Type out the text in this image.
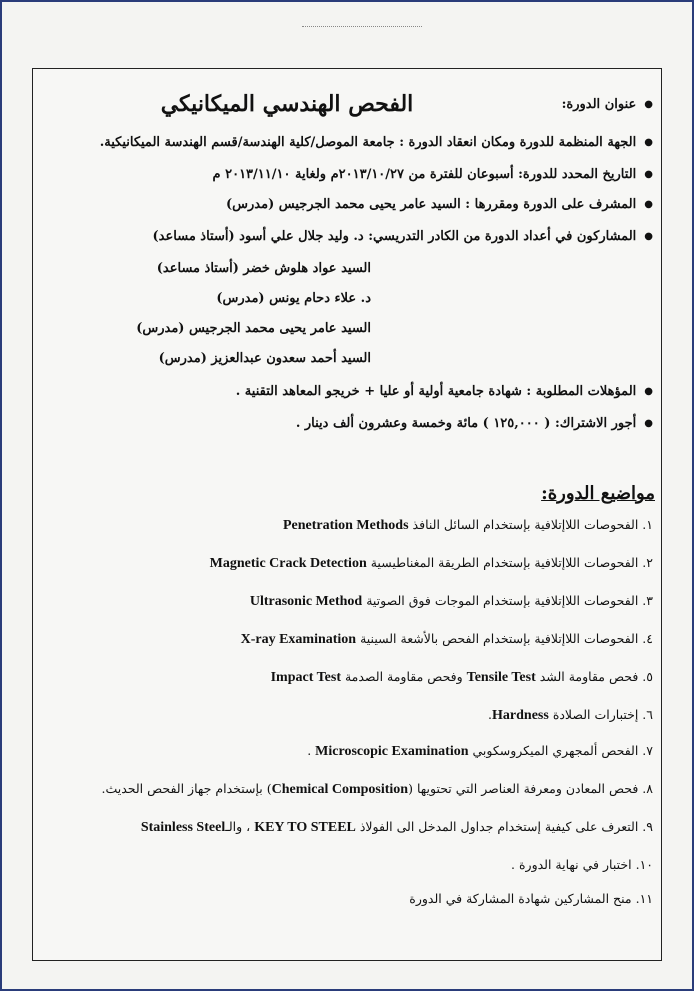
الفحص الهندسي الميكانيكي
●	عنوان الدورة:
● الجهة المنظمة للدورة ومكان انعقاد الدورة : جامعة الموصل/كلية الهندسة/قسم الهندسة الميكانيكية.
● التاريخ المحدد للدورة: أسبوعان للفترة من ٢٠١٣/١٠/٢٧م ولغاية ٢٠١٣/١١/١٠ م
● المشرف على الدورة ومقررها : السيد عامر يحيى محمد الجرجيس (مدرس)
● المشاركون في أعداد الدورة من الكادر التدريسي: د. وليد جلال علي أسود (أستاذ مساعد)
السيد عواد هلوش خضر (أستاذ مساعد)
د. علاء دحام يونس (مدرس)
السيد عامر يحيى محمد الجرجيس (مدرس)
السيد أحمد سعدون عبدالعزيز (مدرس)
● المؤهلات المطلوبة : شهادة جامعية أولية أو عليا + خريجو المعاهد التقنية .
● أجور الاشتراك: ( ١٢٥,٠٠٠ ) مائة وخمسة وعشرون ألف دينار .
مواضيع الدورة:
١. الفحوصات اللاإتلافية بإستخدام السائل النافذ Penetration Methods
٢. الفحوصات اللاإتلافية بإستخدام الطريقة المغناطيسية Magnetic Crack Detection
٣. الفحوصات اللاإتلافية بإستخدام الموجات فوق الصوتية Ultrasonic Method
٤. الفحوصات اللاإتلافية بإستخدام الفحص بالأشعة السينية X-ray Examination
٥. فحص مقاومة الشد Tensile Test وفحص مقاومة الصدمة Impact Test
٦. إختبارات الصلادة Hardness.
٧. الفحص ألمجهري الميكروسكوبي Microscopic Examination .
٨. فحص المعادن ومعرفة العناصر التي تحتويها (Chemical Composition) بإستخدام جهاز الفحص الحديث.
٩. التعرف على كيفية إستخدام جداول المدخل الى الفولاذ KEY TO STEEL ، والـStainless Steel
١٠. اختبار في نهاية الدورة .
١١. منح المشاركين شهادة المشاركة في الدورة
